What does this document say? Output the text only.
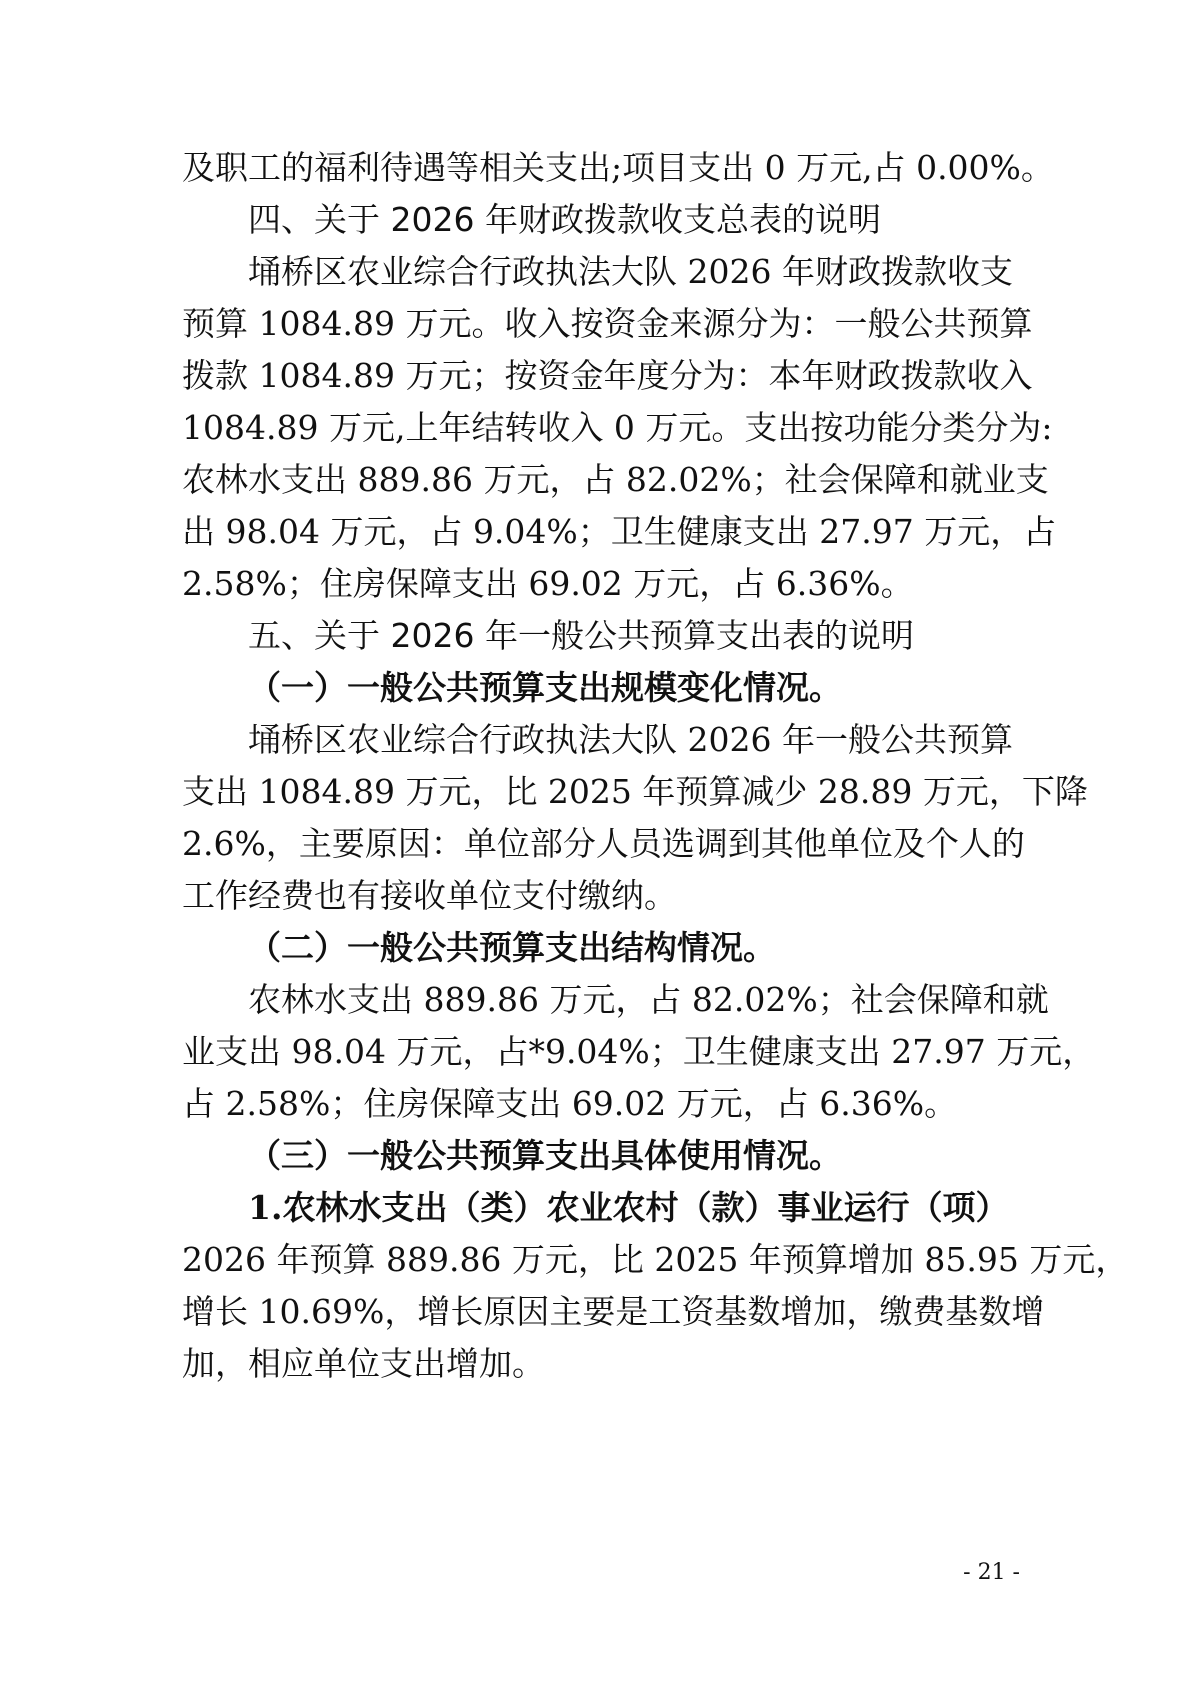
及职工的福利待遇等相关支出;项目支出 0 万元,占 0.00%。
四、关于 2026 年财政拨款收支总表的说明
埇桥区农业综合行政执法大队 2026 年财政拨款收支
预算 1084.89 万元。收入按资金来源分为：一般公共预算
拨款 1084.89 万元；按资金年度分为：本年财政拨款收入
1084.89 万元,上年结转收入 0 万元。支出按功能分类分为:
农林水支出 889.86 万元，占 82.02%；社会保障和就业支
出 98.04 万元，占 9.04%；卫生健康支出 27.97 万元，占
2.58%；住房保障支出 69.02 万元，占 6.36%。
五、关于 2026 年一般公共预算支出表的说明
（一）一般公共预算支出规模变化情况。
埇桥区农业综合行政执法大队 2026 年一般公共预算
支出 1084.89 万元，比 2025 年预算减少 28.89 万元，下降
2.6%，主要原因：单位部分人员选调到其他单位及个人的
工作经费也有接收单位支付缴纳。
（二）一般公共预算支出结构情况。
农林水支出 889.86 万元，占 82.02%；社会保障和就
业支出 98.04 万元，占*9.04%；卫生健康支出 27.97 万元，
占 2.58%；住房保障支出 69.02 万元，占 6.36%。
（三）一般公共预算支出具体使用情况。
1.农林水支出（类）农业农村（款）事业运行（项）
2026 年预算 889.86 万元，比 2025 年预算增加 85.95 万元，
增长 10.69%，增长原因主要是工资基数增加，缴费基数增
加，相应单位支出增加。
- 21 -
